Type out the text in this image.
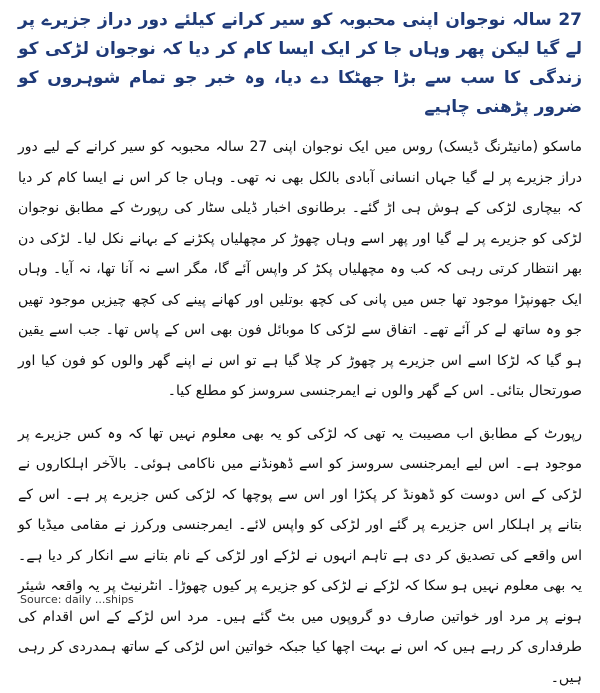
27 سالہ نوجوان اپنی محبوبہ کو سیر کرانے کیلئے دور دراز جزیرے پر لے گیا لیکن پھر وہاں جا کر ایک ایسا کام کر دیا کہ نوجوان لڑکی کو زندگی کا سب سے بڑا جھٹکا دے دیا، وہ خبر جو تمام شوہروں کو ضرور پڑھنی چاہیے

ماسکو (مانیٹرنگ ڈیسک) روس میں ایک نوجوان اپنی 27 سالہ محبوبہ کو سیر کرانے کے لیے دور دراز جزیرے پر لے گیا جہاں انسانی آبادی بالکل بھی نہ تھی۔ وہاں جا کر اس نے ایسا کام کر دیا کہ بیچاری لڑکی کے ہوش ہی اڑ گئے۔ برطانوی اخبار ڈیلی سٹار کی رپورٹ کے مطابق نوجوان لڑکی کو جزیرے پر لے گیا اور پھر اسے وہاں چھوڑ کر مچھلیاں پکڑنے کے بہانے نکل لیا۔ لڑکی دن بھر انتظار کرتی رہی کہ کب وہ مچھلیاں پکڑ کر واپس آئے گا، مگر اسے نہ آنا تھا، نہ آیا۔ وہاں ایک جھونپڑا موجود تھا جس میں پانی کی کچھ بوتلیں اور کھانے پینے کی کچھ چیزیں موجود تھیں جو وہ ساتھ لے کر آئے تھے۔ اتفاق سے لڑکی کا موبائل فون بھی اس کے پاس تھا۔ جب اسے یقین ہو گیا کہ لڑکا اسے اس جزیرے پر چھوڑ کر چلا گیا ہے تو اس نے اپنے گھر والوں کو فون کیا اور صورتحال بتائی۔ اس کے گھر والوں نے ایمرجنسی سروسز کو مطلع کیا۔

رپورٹ کے مطابق اب مصیبت یہ تھی کہ لڑکی کو یہ بھی معلوم نہیں تھا کہ وہ کس جزیرے پر موجود ہے۔ اس لیے ایمرجنسی سروسز کو اسے ڈھونڈنے میں ناکامی ہوئی۔ بالآخر اہلکاروں نے لڑکی کے اس دوست کو ڈھونڈ کر پکڑا اور اس سے پوچھا کہ لڑکی کس جزیرے پر ہے۔ اس کے بتانے پر اہلکار اس جزیرے پر گئے اور لڑکی کو واپس لائے۔ ایمرجنسی ورکرز نے مقامی میڈیا کو اس واقعے کی تصدیق کر دی ہے تاہم انہوں نے لڑکے اور لڑکی کے نام بتانے سے انکار کر دیا ہے۔ یہ بھی معلوم نہیں ہو سکا کہ لڑکے نے لڑکی کو جزیرے پر کیوں چھوڑا۔ انٹرنیٹ پر یہ واقعہ شیئر ہونے پر مرد اور خواتین صارف دو گروپوں میں بٹ گئے ہیں۔ مرد اس لڑکے کے اس اقدام کی طرفداری کر رہے ہیں کہ اس نے بہت اچھا کیا جبکہ خواتین اس لڑکی کے ساتھ ہمدردی کر رہی ہیں۔

Source: daily ...ships
